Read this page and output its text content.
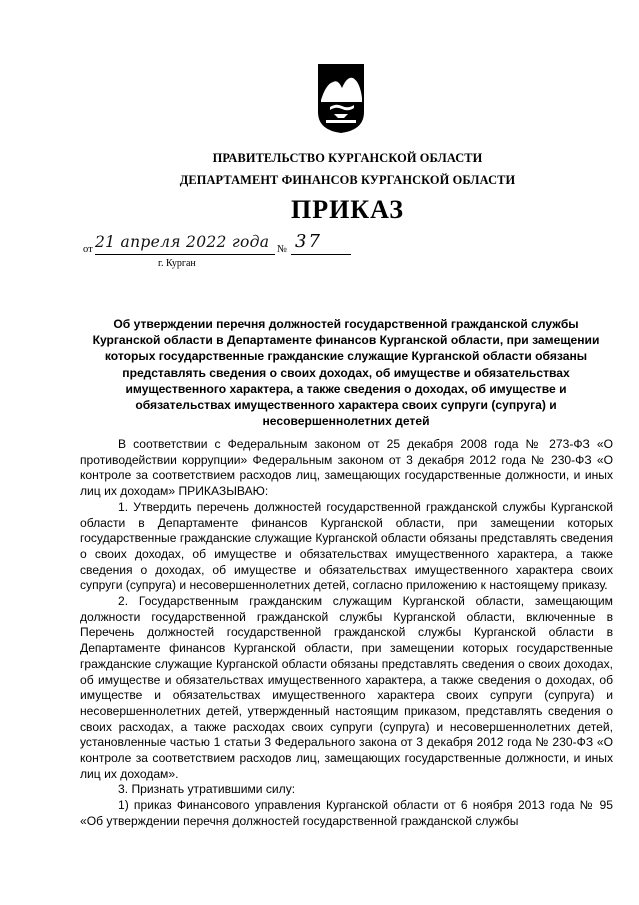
ПРАВИТЕЛЬСТВО КУРГАНСКОЙ ОБЛАСТИ
ДЕПАРТАМЕНТ ФИНАНСОВ КУРГАНСКОЙ ОБЛАСТИ
ПРИКАЗ
от 21 апреля 2022 года № 37
г. Курган
Об утверждении перечня должностей государственной гражданской службы Курганской области в Департаменте финансов Курганской области, при замещении которых государственные гражданские служащие Курганской области обязаны представлять сведения о своих доходах, об имуществе и обязательствах имущественного характера, а также сведения о доходах, об имуществе и обязательствах имущественного характера своих супруги (супруга) и несовершеннолетних детей

В соответствии с Федеральным законом от 25 декабря 2008 года № 273-ФЗ «О противодействии коррупции» Федеральным законом от 3 декабря 2012 года № 230-ФЗ «О контроле за соответствием расходов лиц, замещающих государственные должности, и иных лиц их доходам» ПРИКАЗЫВАЮ:

1. Утвердить перечень должностей государственной гражданской службы Курганской области в Департаменте финансов Курганской области, при замещении которых государственные гражданские служащие Курганской области обязаны представлять сведения о своих доходах, об имуществе и обязательствах имущественного характера, а также сведения о доходах, об имуществе и обязательствах имущественного характера своих супруги (супруга) и несовершеннолетних детей, согласно приложению к настоящему приказу.

2. Государственным гражданским служащим Курганской области, замещающим должности государственной гражданской службы Курганской области, включенные в Перечень должностей государственной гражданской службы Курганской области в Департаменте финансов Курганской области, при замещении которых государственные гражданские служащие Курганской области обязаны представлять сведения о своих доходах, об имуществе и обязательствах имущественного характера, а также сведения о доходах, об имуществе и обязательствах имущественного характера своих супруги (супруга) и несовершеннолетних детей, утвержденный настоящим приказом, представлять сведения о своих расходах, а также расходах своих супруги (супруга) и несовершеннолетних детей, установленные частью 1 статьи 3 Федерального закона от 3 декабря 2012 года № 230-ФЗ «О контроле за соответствием расходов лиц, замещающих государственные должности, и иных лиц их доходам».

3. Признать утратившими силу:

1) приказ Финансового управления Курганской области от 6 ноября 2013 года № 95 «Об утверждении перечня должностей государственной гражданской службы
